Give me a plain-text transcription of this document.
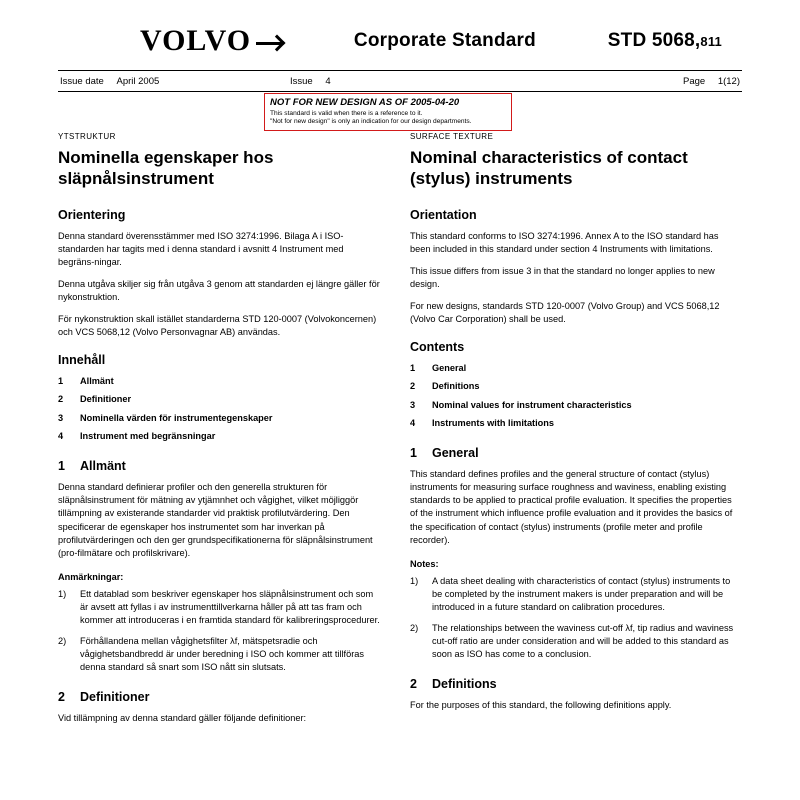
VOLVO	Corporate Standard	STD 5068,811
Issue date April 2005	Issue 4	Page 1(12)
NOT FOR NEW DESIGN AS OF 2005-04-20
This standard is valid when there is a reference to it.
"Not for new design" is only an indication for our design departments.
YTSTRUKTUR
Nominella egenskaper hos släpnålsinstrument
Orientering

Denna standard överensstämmer med ISO 3274:1996. Bilaga A i ISO-standarden har tagits med i denna standard i avsnitt 4 Instrument med begräns-ningar.

Denna utgåva skiljer sig från utgåva 3 genom att standarden ej längre gäller för nykonstruktion.

För nykonstruktion skall istället standarderna STD 120-0007 (Volvokoncernen) och VCS 5068,12 (Volvo Personvagnar AB) användas.

Innehåll
1	Allmänt
2	Definitioner
3	Nominella värden för instrumentegenskaper
4	Instrument med begränsningar
1 Allmänt

Denna standard definierar profiler och den generella strukturen för släpnålsinstrument för mätning av ytjämnhet och vågighet, vilket möjliggör tillämpning av existerande standarder vid praktisk profilutvärdering. Den specificerar de egenskaper hos instrumentet som har inverkan på profilutvärderingen och den ger grundspecifikationerna för släpnålsinstrument (pro-filmätare och profilskrivare).

Anmärkningar:
1)	Ett datablad som beskriver egenskaper hos släpnålsinstrument och som är avsett att fyllas i av instrumenttillverkarna håller på att tas fram och kommer att introduceras i en framtida standard för kalibreringsprocedurer.
2)	Förhållandena mellan vågighetsfilter λf, mätspetsradie och vågighetsbandbredd är under beredning i ISO och kommer att tillföras denna standard så snart som ISO nått sin slutsats.
2 Definitioner

Vid tillämpning av denna standard gäller följande definitioner:

SURFACE TEXTURE
Nominal characteristics of contact (stylus) instruments
Orientation

This standard conforms to ISO 3274:1996. Annex A to the ISO standard has been included in this standard under section 4 Instruments with limitations.

This issue differs from issue 3 in that the standard no longer applies to new design.

For new designs, standards STD 120-0007 (Volvo Group) and VCS 5068,12 (Volvo Car Corporation) shall be used.

Contents
1	General
2	Definitions
3	Nominal values for instrument characteristics
4	Instruments with limitations
1 General

This standard defines profiles and the general structure of contact (stylus) instruments for measuring surface roughness and waviness, enabling existing standards to be applied to practical profile evaluation. It specifies the properties of the instrument which influence profile evaluation and it provides the basics of the specification of contact (stylus) instruments (profile meter and profile recorder).

Notes:
1)	A data sheet dealing with characteristics of contact (stylus) instruments to be completed by the instrument makers is under preparation and will be introduced in a future standard on calibration procedures.
2)	The relationships between the waviness cut-off λf, tip radius and waviness cut-off ratio are under consideration and will be added to this standard as soon as ISO has come to a conclusion.
2 Definitions

For the purposes of this standard, the following definitions apply.
